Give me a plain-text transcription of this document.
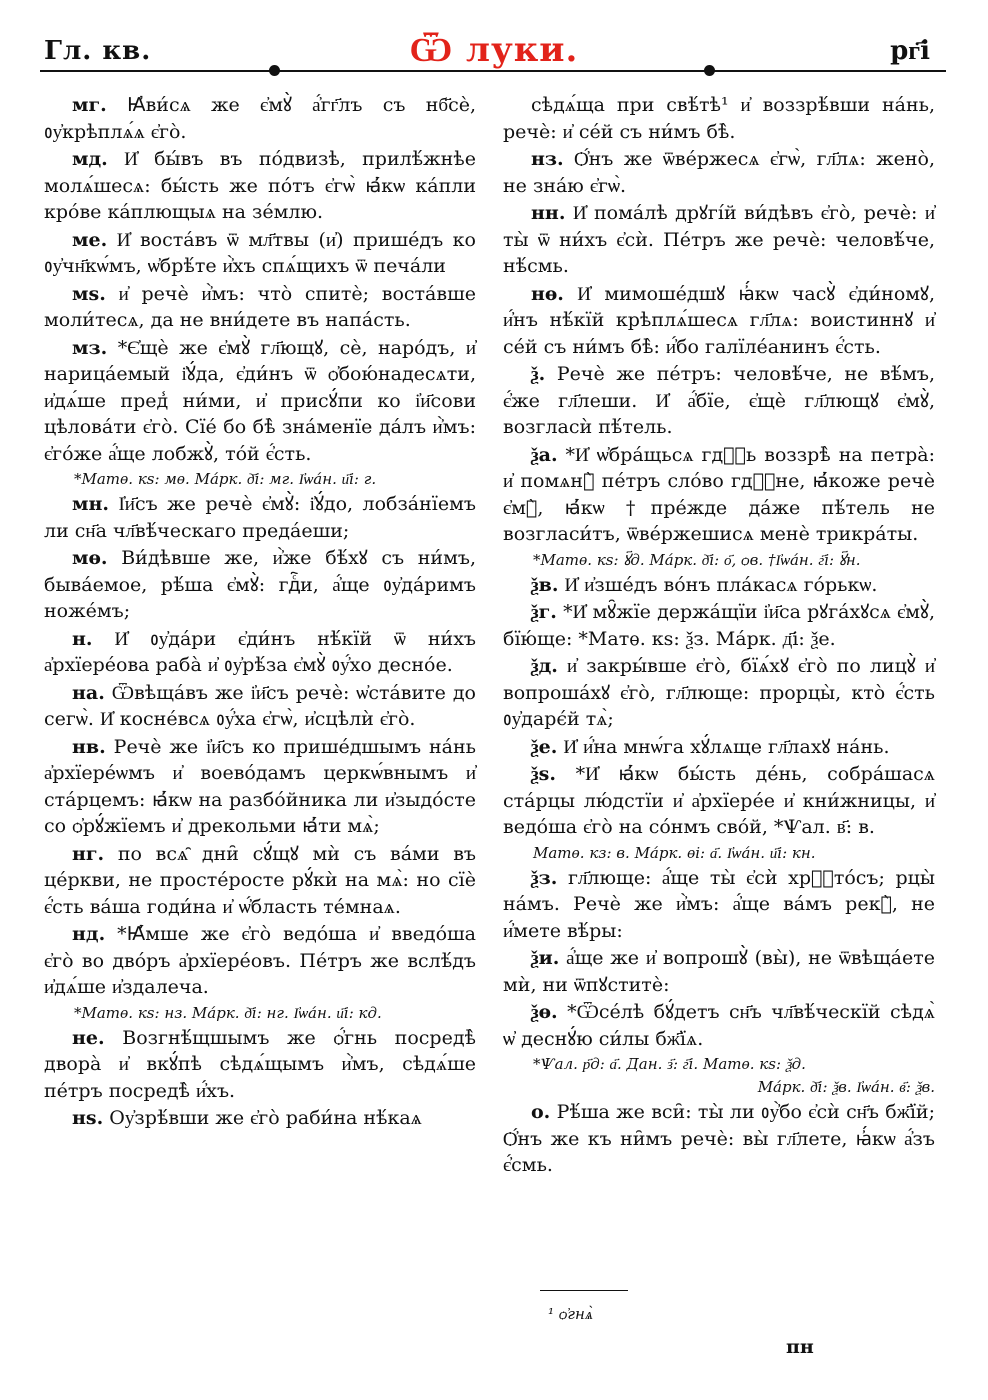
Гл. кв.	Ѿ луки.	рг҃і

мг. Ꙗ҆ви́сѧ же є҆мꙋ̀ а҆́гг҃лъ съ нб҃сѐ, ᲂу҆крѣплѧ́ѧ є҆го̀.

мд. И҆ бы́въ въ по́двизѣ, прилѣ́жнѣе молѧ́шесѧ: бы́сть же по́тъ є҆гѡ̀ ꙗ҆́кѡ ка́пли кро́ве ка́плющыѧ на зе́млю.

ме. И҆ воста́въ ѿ мл҃твы (и҆) прише́дъ ко ᲂу҆чн҃кѡ́мъ, ѡ҆брѣ́те и҆̀хъ спѧ́щихъ ѿ печа́ли

мѕ. и҆ речѐ и҆̀мъ: что̀ спитѐ; воста́вше моли́тесѧ, да не вни́дете въ напа́сть.

мз. *Є҆щѐ же є҆мꙋ̀ гл҃ющꙋ, сѐ, наро́дъ, и҆ нарица́емый і҆ꙋ́да, є҆ди́нъ ѿ ѻ҆бою́надесѧти, и҆дѧ́ше пред̾ ни́ми, и҆ присꙋ́пи ко і҆и҃сови цѣлова́ти є҆го̀. Сїе́ бо бѣ̀ зна́менїе да́лъ и҆̀мъ: є҆го́же а҆́ще лобжꙋ̀, то́й є҆́сть.

*Матѳ. кѕ: мѳ. Ма́рк. д҃і: мг. І҆ѡа́н. и҃і: г.

мн. І҆и҃съ же речѐ є҆мꙋ̀: і҆ꙋ́до, лобза́нїемъ ли сн҃а чл҃вѣ́ческаго преда́еши;

мѳ. Ви́дѣвше же, и҆̀же бѣ́хꙋ съ ни́мъ, быва́емое, рѣ́ша є҆мꙋ̀: гдⷭ҇и, а҆́ще ᲂу҆да́римъ ноже́мъ;

н. И҆ ᲂу҆да́ри є҆ди́нъ нѣ́кїй ѿ ни́хъ а҆рхїере́ова раба̀ и҆ ᲂу҆рѣ́за є҆мꙋ̀ ᲂу҆́хо десно́е.

на. Ѿвѣща́въ же і҆и҃съ речѐ: ѡ҆ста́вите до сегѡ̀. И҆ косне́всѧ ᲂу҆́ха є҆гѡ̀, и҆сцѣлѝ є҆го̀.

нв. Речѐ же і҆и҃съ ко прише́дшымъ на́нь а҆рхїере́ѡмъ и҆ воево́дамъ церкѡ́внымъ и҆ ста́рцемъ: ꙗ҆́кѡ на разбо́йника ли и҆зыдо́сте со ѻ҆рꙋ́жїемъ и҆ дрекольми ꙗ҆́ти мѧ̀;

нг. по всѧ̑ дни̑ сꙋ́щꙋ мѝ съ ва́ми въ це́ркви, не просте́росте рꙋ́кѝ на мѧ̀: но сїѐ є҆́сть ва́ша годи́на и҆ ѡ҆́бласть те́мнаѧ.

нд. *Ꙗ҆́мше же є҆го̀ ведо́ша и҆ введо́ша є҆го̀ во дво́ръ а҆рхїере́овъ. Пе́тръ же вслѣ́дъ и҆дѧ́ше и҆здалеча.

*Матѳ. кѕ: нз. Ма́рк. д҃і: нг. І҆ѡа́н. и҃і: кд.

не. Возгнѣ́щшымъ же ѻ҆́гнь посредѣ̀ двора̀ и҆ вкꙋ́пѣ сѣдѧ́щымъ и҆̀мъ, сѣдѧ́ше пе́тръ посредѣ̀ и҆́хъ.

нѕ. Оу҆зрѣ́вши же є҆го̀ раби́на нѣ́каѧ

сѣдѧ́ща при свѣ́тѣ¹ и҆ воззрѣ́вши на́нь, речѐ: и҆ се́й съ ни́мъ бѣ̀.

нз. Ѻ҆́нъ же ѿве́ржесѧ є҆гѡ̀, гл҃лѧ: жено̀, не зна́ю є҆гѡ̀.

нн. И҆ пома́лѣ дрꙋгі́й ви́дѣвъ є҆го̀, речѐ: и҆ ты̀ ѿ ни́хъ є҆сѝ. Пе́тръ же речѐ: человѣ́че, нѣ́смь.

нѳ. И҆ мимоше́дшꙋ ꙗ҆́кѡ часꙋ̀ є҆ди́номꙋ, и҆́нъ нѣ́кїй крѣплѧ́шесѧ гл҃лѧ: воистиннꙋ и҆ се́й съ ни́мъ бѣ̀: и҆́бо галїле́анинъ є҆́сть.

ѯ. Речѐ же пе́тръ: человѣ́че, не вѣ́мъ, є҆́же гл҃леши. И҆ а҆́бїе, є҆щѐ гл҃лющꙋ є҆мꙋ̀, возгласѝ пѣ́тель.

ѯа. *И҆ ѡ҆бра́щьсѧ гдⷭ҇ь воззрѣ̀ на петра̀: и҆ помѧнꙋ̀ пе́тръ сло́во гдⷭ҇не, ꙗ҆́коже речѐ є҆мꙋ̀, ꙗ҆́кѡ †пре́жде да́же пѣ́тель не возгласи́тъ, ѿве́ржешисѧ менѐ трикра́ты.

*Матѳ. кѕ: ꙋ҃д. Ма́рк. д҃і: о҃, ѻв. †І҆ѡа́н. г҃і: ꙋ҃н.

ѯв. И҆ и҆зше́дъ во́нъ пла́касѧ го́рькѡ.

ѯг. *И҆ мꙋ̑жїе держа́щїи і҆и҃са рꙋга́хꙋсѧ є҆мꙋ̀, бїю́ще: *Матѳ. кѕ: ѯз. Ма́рк. д҃і: ѯе.

ѯд. и҆ закры́вше є҆го̀, бїѧ́хꙋ є҆го̀ по лицꙋ̀ и҆ вопроша́хꙋ є҆го̀, гл҃люще: прорцы̀, кто̀ є҆́сть ᲂу҆дарє́й тѧ̀;

ѯе. И҆ и҆́на мнѡ́га хꙋ́лѧще гл҃лахꙋ на́нь.

ѯѕ. *И҆ ꙗ҆́кѡ бы́сть де́нь, собра́шасѧ ста́рцы лю́дстїи и҆ а҆рхїере́е и҆ кни́жницы, и҆ ведо́ша є҆го̀ на со́нмъ сво́й, *Ѱал. в҃: в.

Матѳ. кз: в. Ма́рк. ѳі: а҃. І҆ѡа́н. и҃і: кн.

ѯз. гл҃люще: а҆́ще ты̀ є҆сѝ хрⷭ҇то́съ; рцы̀ на́мъ. Речѐ же и҆̀мъ: а҆́ще ва́мъ рекꙋ̀, не и҆́мете вѣ́ры:

ѯи. а҆́ще же и҆ вопрошꙋ̀ (вы̀), не ѿвѣща́ете мѝ, ни ѿпꙋститѐ:

ѯѳ. *Ѿсе́лѣ бꙋ́детъ сн҃ъ чл҃вѣ́ческїй сѣдѧ̀ ѡ҆ деснꙋ́ю си́лы бж҃їѧ.

*Ѱал. р҃д: а҃. Дан. з҃: г҃і. Матѳ. кѕ: ѯд.
Ма́рк. д҃і: ѯв. І҆ѡа́н. в҃: ѯв.

о. Рѣ́ша же вси̑: ты̀ ли ᲂу҆̀бо є҆сѝ сн҃ъ бж҃їй; Ѻ҆́нъ же къ ни̑мъ речѐ: вы̀ гл҃лете, ꙗ҆́кѡ а҆́зъ є҆́смь.

¹ ѻ҆гнѧ̀
пн
